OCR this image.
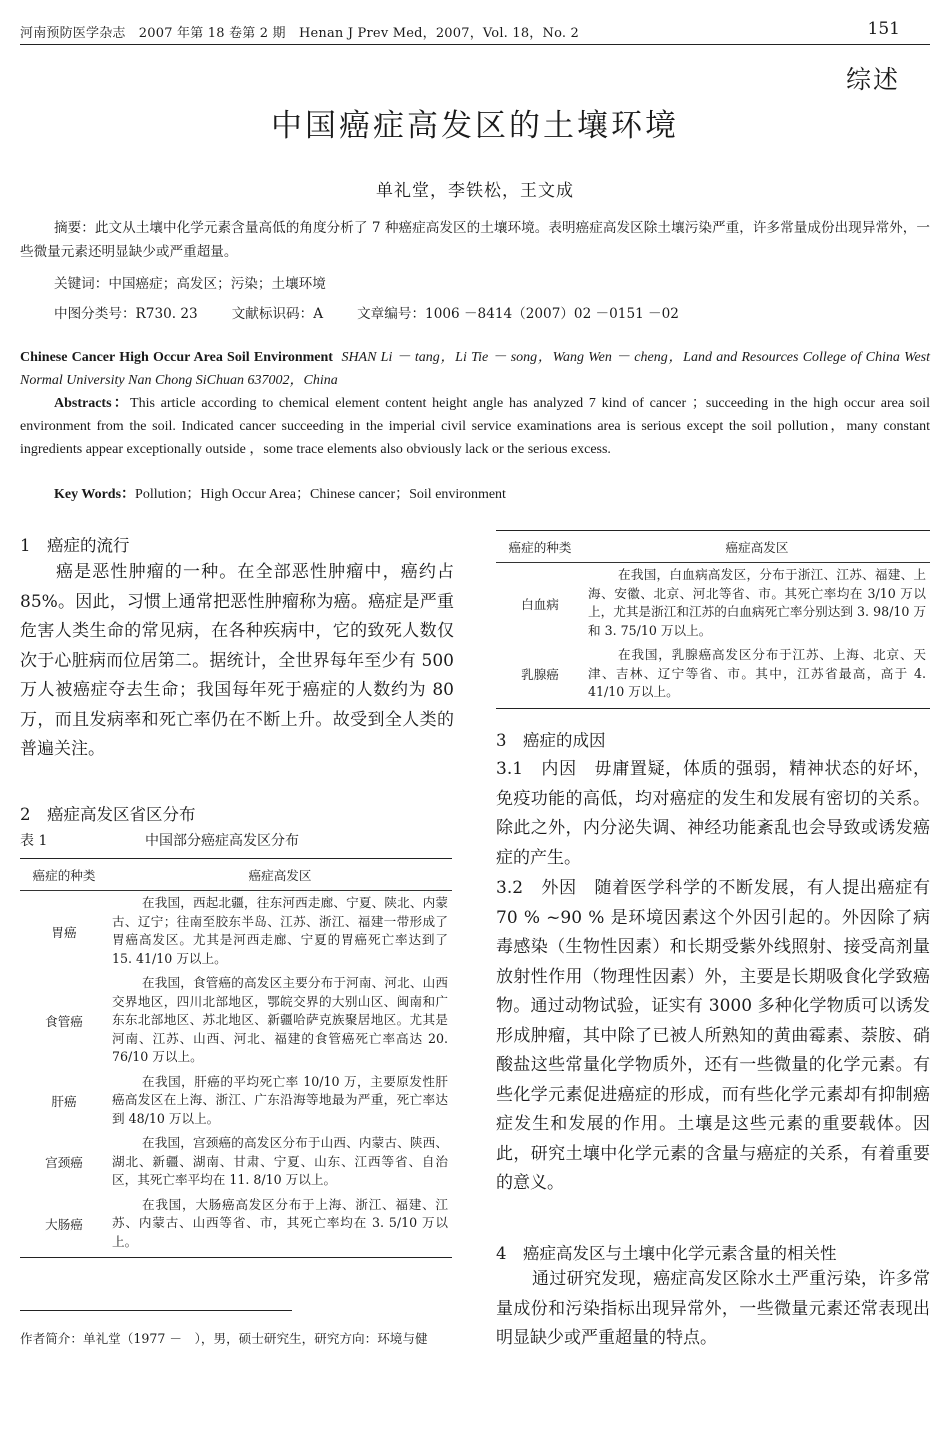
河南预防医学杂志　2007 年第 18 卷第 2 期　Henan J Prev Med，2007，Vol. 18，No. 2	151
综述
中国癌症高发区的土壤环境
单礼堂，李铁松，王文成
摘要：此文从土壤中化学元素含量高低的角度分析了 7 种癌症高发区的土壤环境。表明癌症高发区除土壤污染严重，许多常量成份出现异常外，一些微量元素还明显缺少或严重超量。
关键词：中国癌症；高发区；污染；土壤环境
中图分类号：R730. 23	文献标识码：A	文章编号：1006 －8414（2007）02 －0151 －02
Chinese Cancer High Occur Area Soil Environment SHAN Li － tang，Li Tie － song，Wang Wen － cheng，Land and Resources College of China West Normal University Nan Chong SiChuan 637002，China
Abstracts：This article according to chemical element content height angle has analyzed 7 kind of cancer ；succeeding in the high occur area soil environment from the soil. Indicated cancer succeeding in the imperial civil service examinations area is serious except the soil pollution，many constant ingredients appear exceptionally outside ，some trace elements also obviously lack or the serious excess.
Key Words：Pollution；High Occur Area；Chinese cancer；Soil environment
1　癌症的流行
癌是恶性肿瘤的一种。在全部恶性肿瘤中，癌约占 85%。因此，习惯上通常把恶性肿瘤称为癌。癌症是严重危害人类生命的常见病，在各种疾病中，它的致死人数仅次于心脏病而位居第二。据统计，全世界每年至少有 500 万人被癌症夺去生命；我国每年死于癌症的人数约为 80 万，而且发病率和死亡率仍在不断上升。故受到全人类的普遍关注。
2　癌症高发区省区分布
表 1	中国部分癌症高发区分布
癌症的种类	癌症高发区
胃癌	在我国，西起北疆，往东河西走廊、宁夏、陕北、内蒙古、辽宁；往南至胶东半岛、江苏、浙江、福建一带形成了胃癌高发区。尤其是河西走廊、宁夏的胃癌死亡率达到了 15. 41/10 万以上。
食管癌	在我国，食管癌的高发区主要分布于河南、河北、山西交界地区，四川北部地区，鄂皖交界的大别山区、闽南和广东东北部地区、苏北地区、新疆哈萨克族聚居地区。尤其是河南、江苏、山西、河北、福建的食管癌死亡率高达 20. 76/10 万以上。
肝癌	在我国，肝癌的平均死亡率 10/10 万，主要原发性肝癌高发区在上海、浙江、广东沿海等地最为严重，死亡率达到 48/10 万以上。
宫颈癌	在我国，宫颈癌的高发区分布于山西、内蒙古、陕西、湖北、新疆、湖南、甘肃、宁夏、山东、江西等省、自治区，其死亡率平均在 11. 8/10 万以上。
大肠癌	在我国，大肠癌高发区分布于上海、浙江、福建、江苏、内蒙古、山西等省、市，其死亡率均在 3. 5/10 万以上。
作者简介：单礼堂（1977 －　），男，硕士研究生，研究方向：环境与健
癌症的种类	癌症高发区
白血病	在我国，白血病高发区，分布于浙江、江苏、福建、上海、安徽、北京、河北等省、市。其死亡率均在 3/10 万以上，尤其是浙江和江苏的白血病死亡率分别达到 3. 98/10 万和 3. 75/10 万以上。
乳腺癌	在我国，乳腺癌高发区分布于江苏、上海、北京、天津、吉林、辽宁等省、市。其中，江苏省最高，高于 4. 41/10 万以上。
3　癌症的成因
3.1　内因　毋庸置疑，体质的强弱，精神状态的好坏，免疫功能的高低，均对癌症的发生和发展有密切的关系。除此之外，内分泌失调、神经功能紊乱也会导致或诱发癌症的产生。
3.2　外因　随着医学科学的不断发展，有人提出癌症有 70 % ~90 % 是环境因素这个外因引起的。外因除了病毒感染（生物性因素）和长期受紫外线照射、接受高剂量放射性作用（物理性因素）外，主要是长期吸食化学致癌物。通过动物试验，证实有 3000 多种化学物质可以诱发形成肿瘤，其中除了已被人所熟知的黄曲霉素、萘胺、硝酸盐这些常量化学物质外，还有一些微量的化学元素。有些化学元素促进癌症的形成，而有些化学元素却有抑制癌症发生和发展的作用。土壤是这些元素的重要载体。因此，研究土壤中化学元素的含量与癌症的关系，有着重要的意义。
4　癌症高发区与土壤中化学元素含量的相关性
通过研究发现，癌症高发区除水土严重污染，许多常量成份和污染指标出现异常外，一些微量元素还常表现出明显缺少或严重超量的特点。
